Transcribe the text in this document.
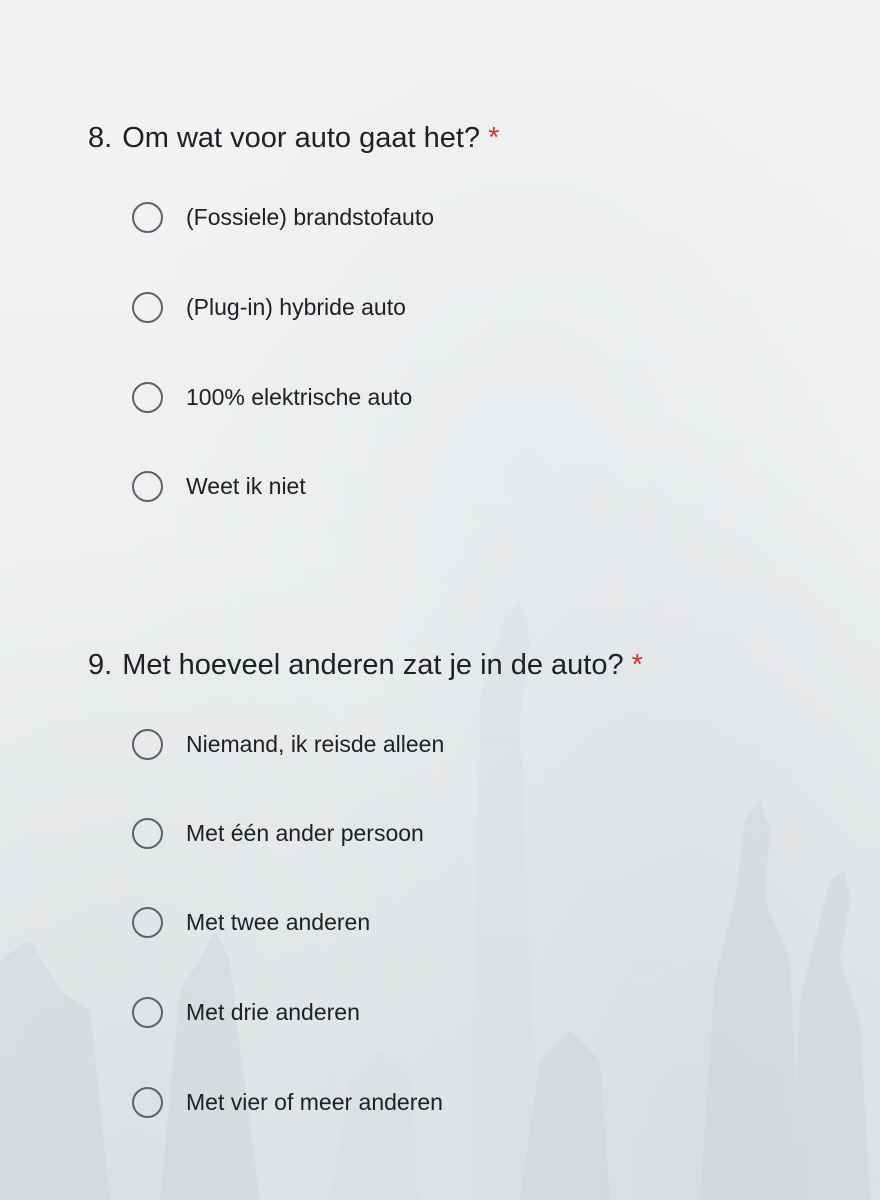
8. Om wat voor auto gaat het? *
(Fossiele) brandstofauto
(Plug-in) hybride auto
100% elektrische auto
Weet ik niet
9. Met hoeveel anderen zat je in de auto? *
Niemand, ik reisde alleen
Met één ander persoon
Met twee anderen
Met drie anderen
Met vier of meer anderen
